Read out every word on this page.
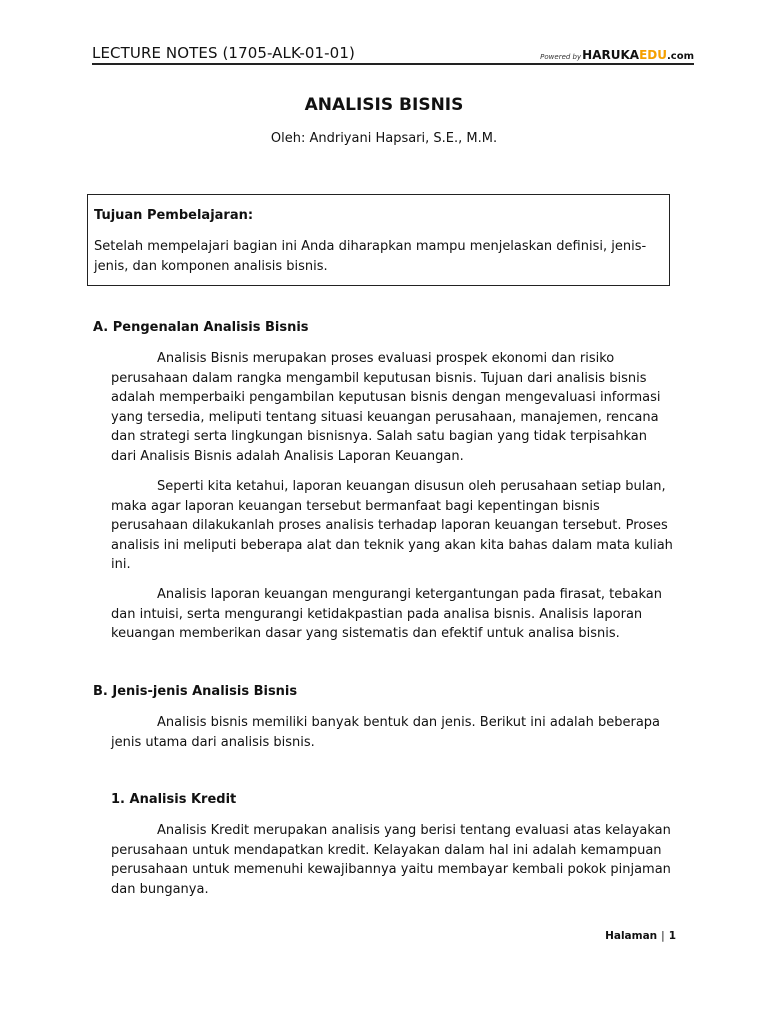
LECTURE NOTES (1705-ALK-01-01)	Powered byHARUKAEDU.com
ANALISIS BISNIS
Oleh: Andriyani Hapsari, S.E., M.M.
Tujuan Pembelajaran:
Setelah mempelajari bagian ini Anda diharapkan mampu menjelaskan definisi, jenis-jenis, dan komponen analisis bisnis.
A. Pengenalan Analisis Bisnis

Analisis Bisnis merupakan proses evaluasi prospek ekonomi dan risiko perusahaan dalam rangka mengambil keputusan bisnis. Tujuan dari analisis bisnis adalah memperbaiki pengambilan keputusan bisnis dengan mengevaluasi informasi yang tersedia, meliputi tentang situasi keuangan perusahaan, manajemen, rencana dan strategi serta lingkungan bisnisnya. Salah satu bagian yang tidak terpisahkan dari Analisis Bisnis adalah Analisis Laporan Keuangan.

Seperti kita ketahui, laporan keuangan disusun oleh perusahaan setiap bulan, maka agar laporan keuangan tersebut bermanfaat bagi kepentingan bisnis perusahaan dilakukanlah proses analisis terhadap laporan keuangan tersebut. Proses analisis ini meliputi beberapa alat dan teknik yang akan kita bahas dalam mata kuliah ini.

Analisis laporan keuangan mengurangi ketergantungan pada firasat, tebakan dan intuisi, serta mengurangi ketidakpastian pada analisa bisnis. Analisis laporan keuangan memberikan dasar yang sistematis dan efektif untuk analisa bisnis.

B. Jenis-jenis Analisis Bisnis

Analisis bisnis memiliki banyak bentuk dan jenis. Berikut ini adalah beberapa jenis utama dari analisis bisnis.

1. Analisis Kredit

Analisis Kredit merupakan analisis yang berisi tentang evaluasi atas kelayakan perusahaan untuk mendapatkan kredit. Kelayakan dalam hal ini adalah kemampuan perusahaan untuk memenuhi kewajibannya yaitu membayar kembali pokok pinjaman dan bunganya.

Halaman | 1
